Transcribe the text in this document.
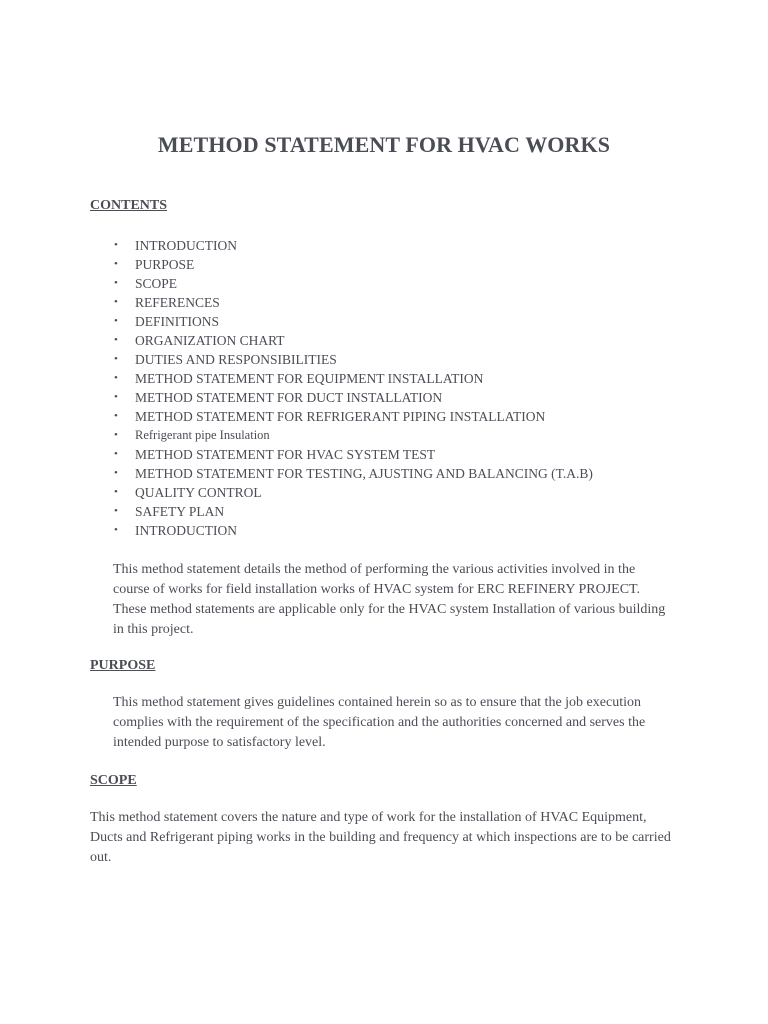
METHOD STATEMENT FOR HVAC WORKS
CONTENTS
• INTRODUCTION
• PURPOSE
• SCOPE
• REFERENCES
• DEFINITIONS
• ORGANIZATION CHART
• DUTIES AND RESPONSIBILITIES
• METHOD STATEMENT FOR EQUIPMENT INSTALLATION
• METHOD STATEMENT FOR DUCT INSTALLATION
• METHOD STATEMENT FOR REFRIGERANT PIPING INSTALLATION
• Refrigerant pipe Insulation
• METHOD STATEMENT FOR HVAC SYSTEM TEST
• METHOD STATEMENT FOR TESTING, AJUSTING AND BALANCING (T.A.B)
• QUALITY CONTROL
• SAFETY PLAN
• INTRODUCTION

This method statement details the method of performing the various activities involved in the course of works for field installation works of HVAC system for ERC REFINERY PROJECT. These method statements are applicable only for the HVAC system Installation of various building in this project.

PURPOSE

This method statement gives guidelines contained herein so as to ensure that the job execution complies with the requirement of the specification and the authorities concerned and serves the intended purpose to satisfactory level.

SCOPE

This method statement covers the nature and type of work for the installation of HVAC Equipment, Ducts and Refrigerant piping works in the building and frequency at which inspections are to be carried out.
